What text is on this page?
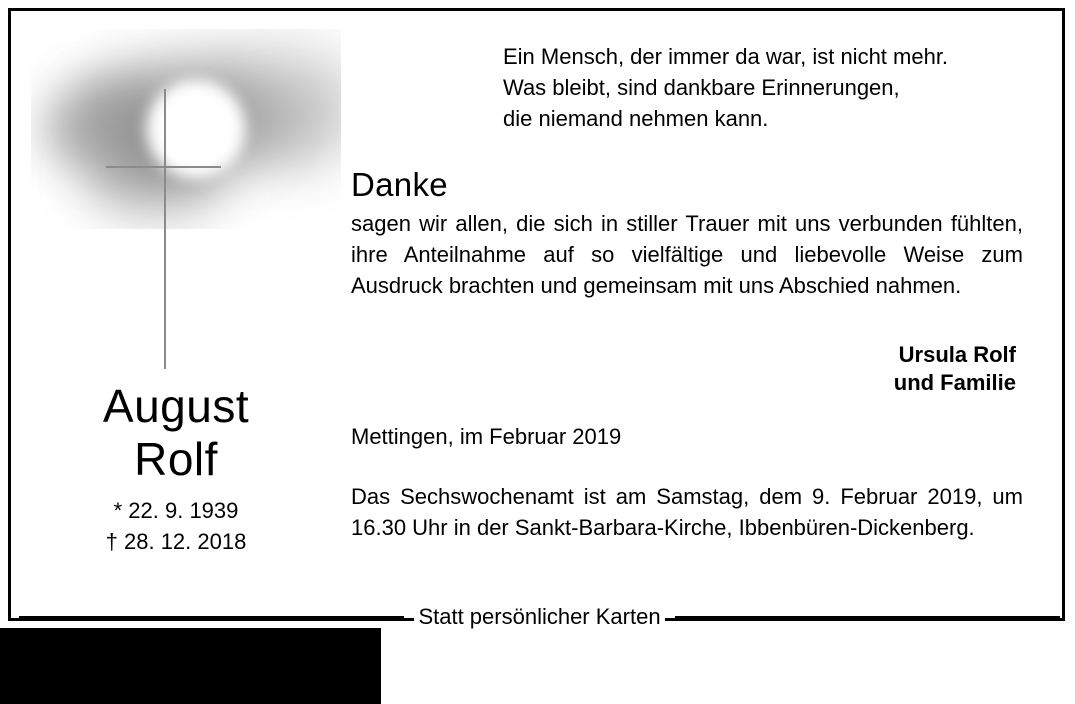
August
Rolf
* 22. 9. 1939
† 28. 12. 2018
Ein Mensch, der immer da war, ist nicht mehr.
Was bleibt, sind dankbare Erinnerungen,
die niemand nehmen kann.
Danke
sagen wir allen, die sich in stiller Trauer mit uns verbunden fühlten, ihre Anteilnahme auf so vielfältige und liebevolle Weise zum Ausdruck brachten und gemeinsam mit uns Abschied nahmen.
Ursula Rolf
und Familie
Mettingen, im Februar 2019
Das Sechswochenamt ist am Samstag, dem 9. Februar 2019, um 16.30 Uhr in der Sankt-Barbara-Kirche, Ibbenbüren-Dickenberg.
Statt persönlicher Karten
